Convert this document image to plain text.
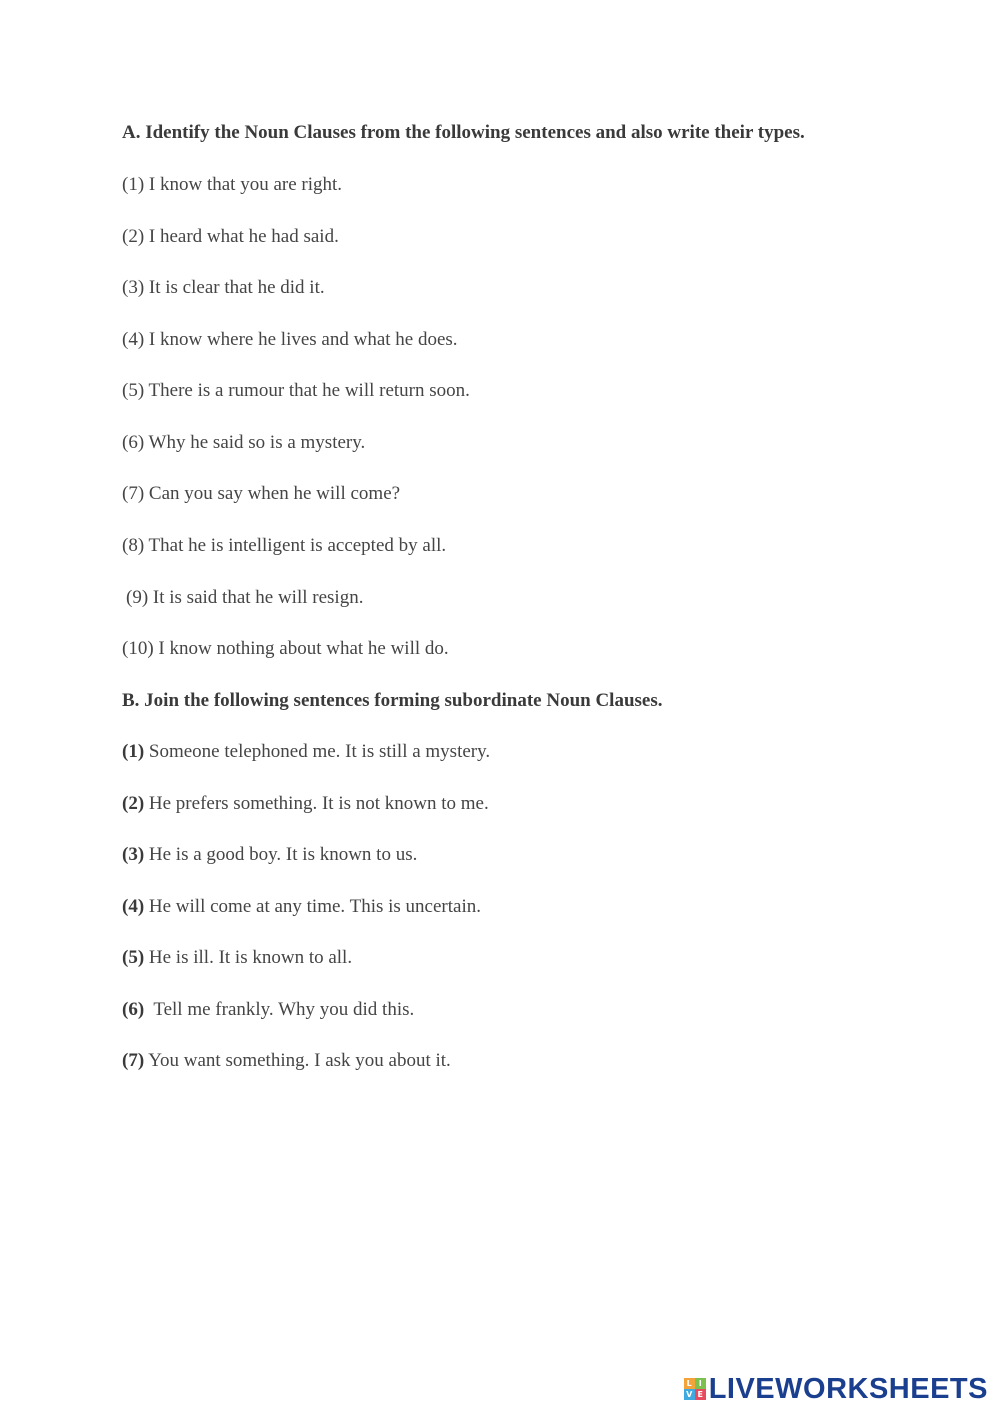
A. Identify the Noun Clauses from the following sentences and also write their types.
(1) I know that you are right.
(2) I heard what he had said.
(3) It is clear that he did it.
(4) I know where he lives and what he does.
(5) There is a rumour that he will return soon.
(6) Why he said so is a mystery.
(7) Can you say when he will come?
(8) That he is intelligent is accepted by all.
(9) It is said that he will resign.
(10) I know nothing about what he will do.
B. Join the following sentences forming subordinate Noun Clauses.
(1) Someone telephoned me. It is still a mystery.
(2) He prefers something. It is not known to me.
(3) He is a good boy. It is known to us.
(4) He will come at any time. This is uncertain.
(5) He is ill. It is known to all.
(6)  Tell me frankly. Why you did this.
(7) You want something. I ask you about it.
L I
V E LIVEWORKSHEETS
